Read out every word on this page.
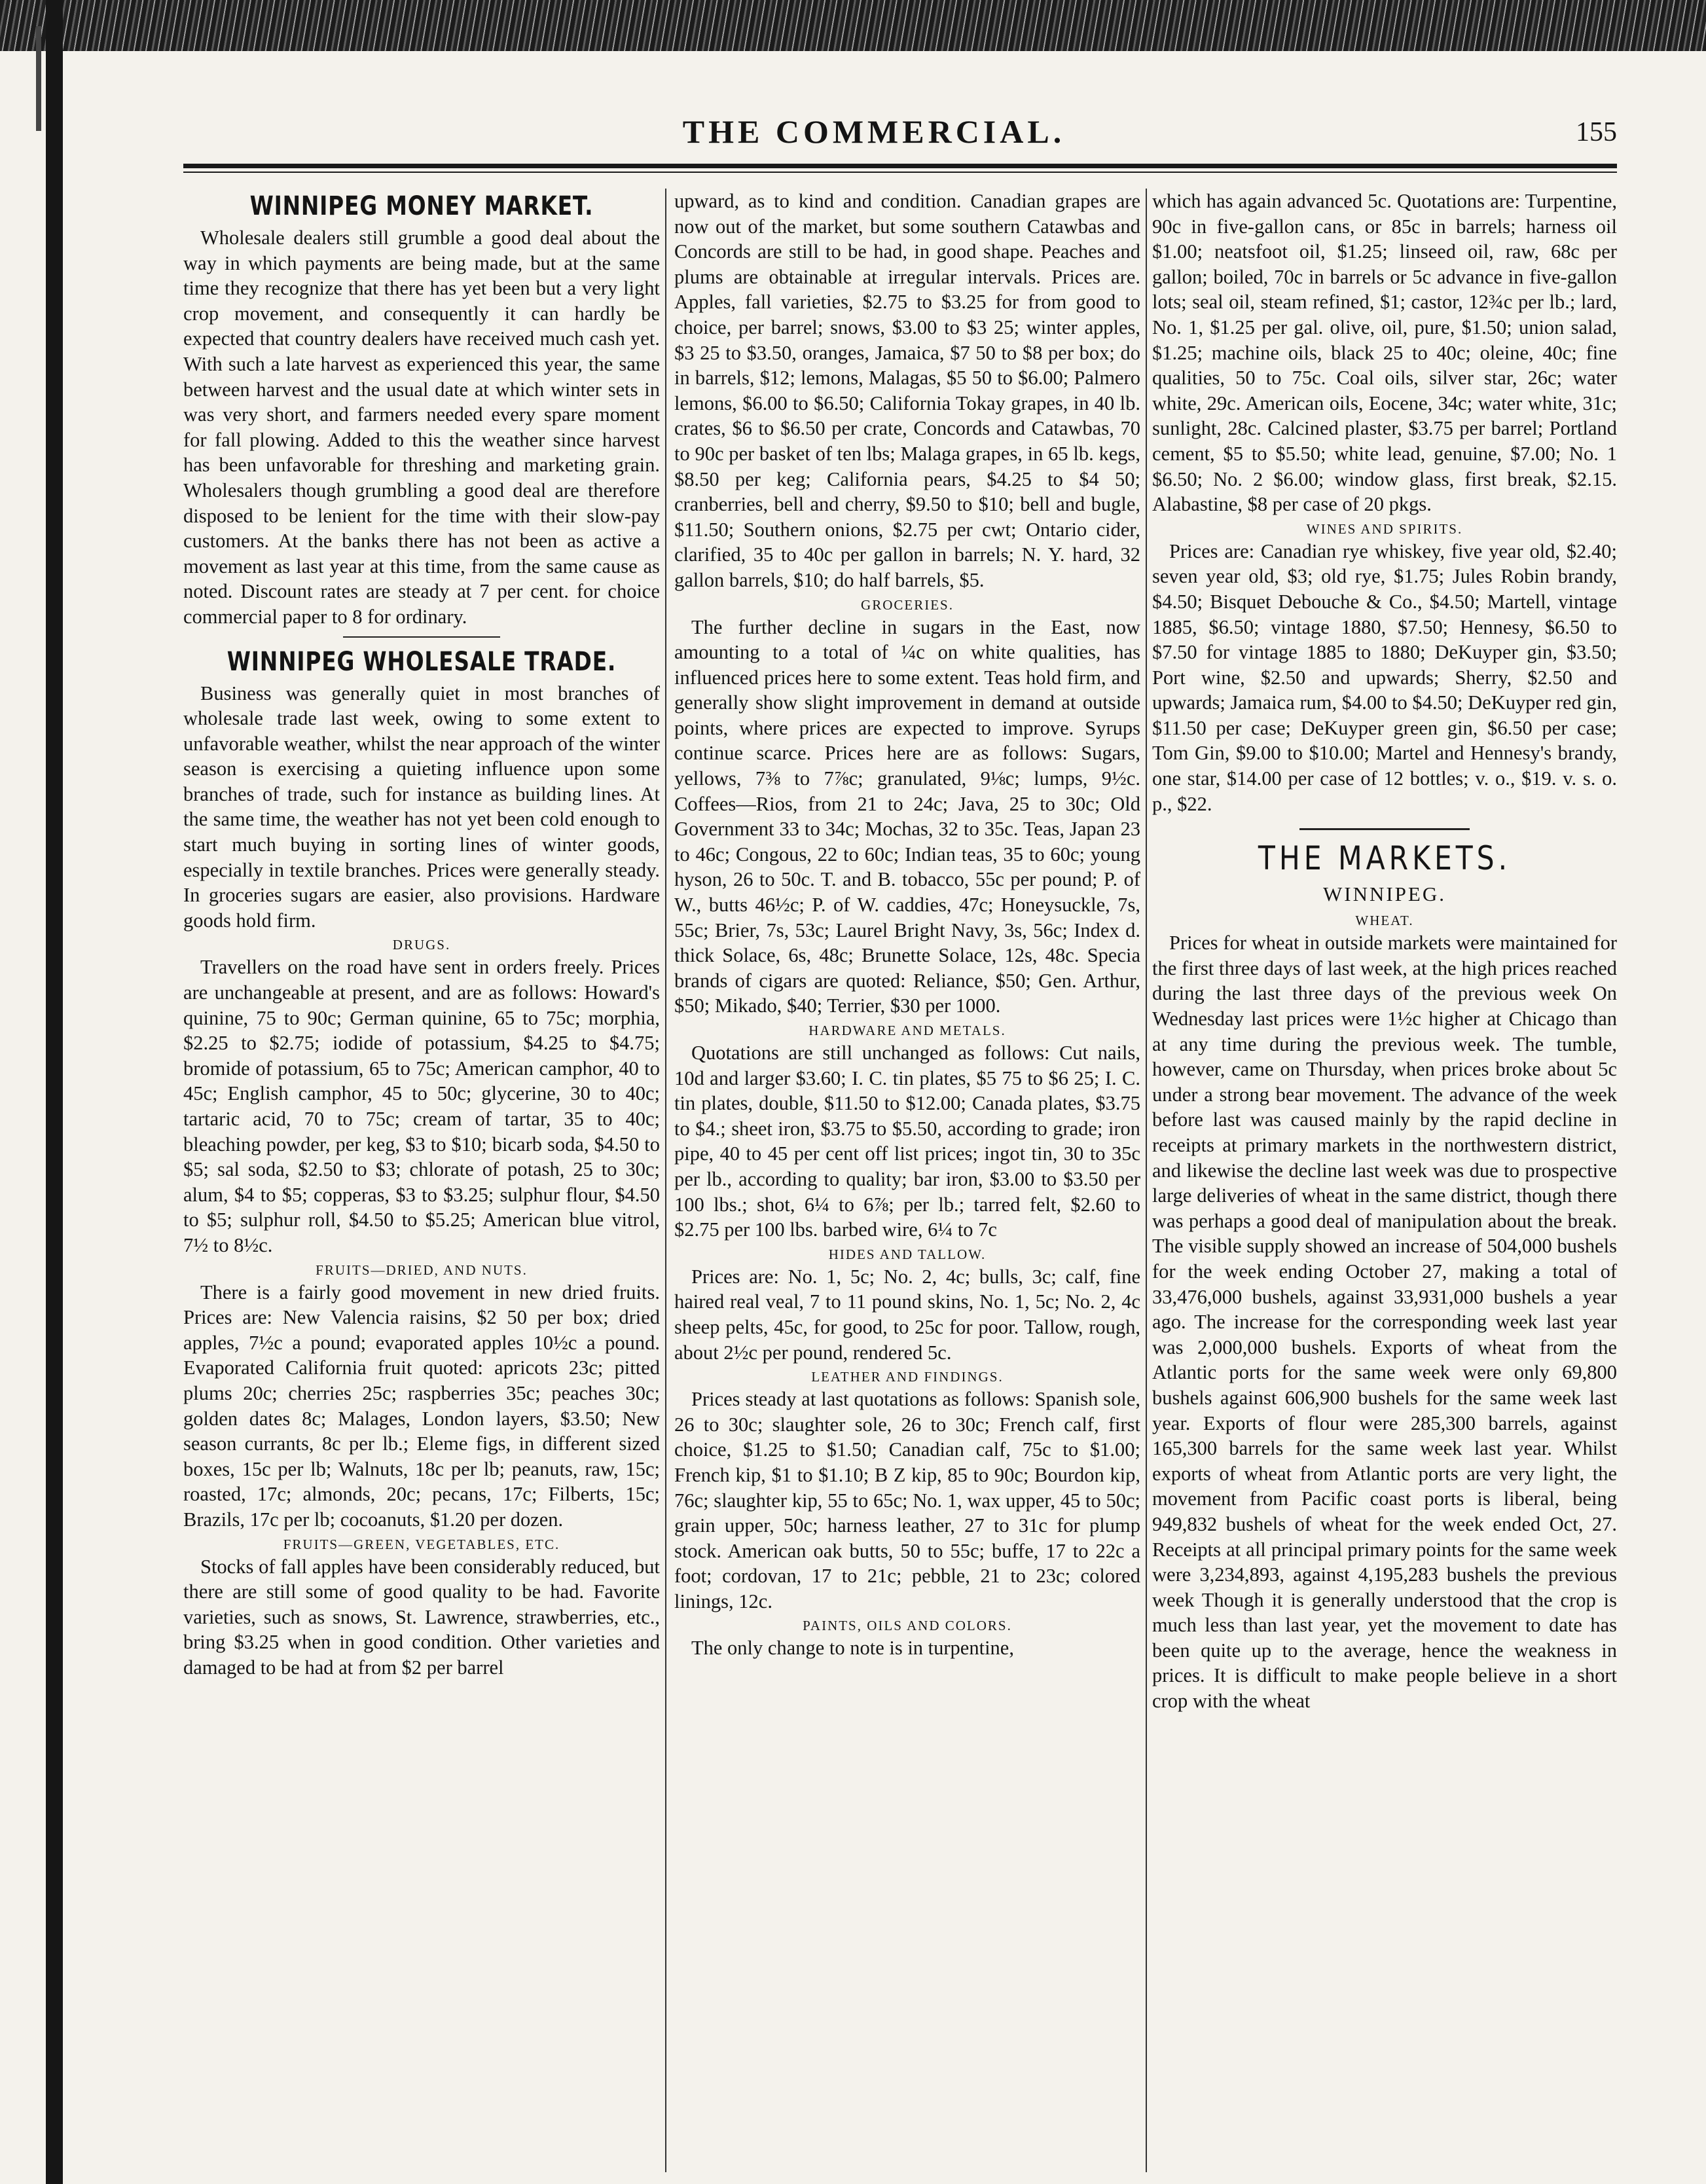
THE COMMERCIAL.	155
WINNIPEG MONEY MARKET.

Wholesale dealers still grumble a good deal about the way in which payments are being made, but at the same time they recognize that there has yet been but a very light crop movement, and consequently it can hardly be expected that country dealers have received much cash yet. With such a late harvest as experienced this year, the same between harvest and the usual date at which winter sets in was very short, and farmers needed every spare moment for fall plowing. Added to this the weather since harvest has been unfavorable for threshing and marketing grain. Wholesalers though grumbling a good deal are therefore disposed to be lenient for the time with their slow-pay customers. At the banks there has not been as active a movement as last year at this time, from the same cause as noted. Discount rates are steady at 7 per cent. for choice commercial paper to 8 for ordinary.

WINNIPEG WHOLESALE TRADE.

Business was generally quiet in most branches of wholesale trade last week, owing to some extent to unfavorable weather, whilst the near approach of the winter season is exercising a quieting influence upon some branches of trade, such for instance as building lines. At the same time, the weather has not yet been cold enough to start much buying in sorting lines of winter goods, especially in textile branches. Prices were generally steady. In groceries sugars are easier, also provisions. Hardware goods hold firm.

DRUGS.

Travellers on the road have sent in orders freely. Prices are unchangeable at present, and are as follows: Howard's quinine, 75 to 90c; German quinine, 65 to 75c; morphia, $2.25 to $2.75; iodide of potassium, $4.25 to $4.75; bromide of potassium, 65 to 75c; American camphor, 40 to 45c; English camphor, 45 to 50c; glycerine, 30 to 40c; tartaric acid, 70 to 75c; cream of tartar, 35 to 40c; bleaching powder, per keg, $3 to $10; bicarb soda, $4.50 to $5; sal soda, $2.50 to $3; chlorate of potash, 25 to 30c; alum, $4 to $5; copperas, $3 to $3.25; sulphur flour, $4.50 to $5; sulphur roll, $4.50 to $5.25; American blue vitrol, 7½ to 8½c.

FRUITS—DRIED, AND NUTS.

There is a fairly good movement in new dried fruits. Prices are: New Valencia raisins, $2 50 per box; dried apples, 7½c a pound; evaporated apples 10½c a pound. Evaporated California fruit quoted: apricots 23c; pitted plums 20c; cherries 25c; raspberries 35c; peaches 30c; golden dates 8c; Malages, London layers, $3.50; New season currants, 8c per lb.; Eleme figs, in different sized boxes, 15c per lb; Walnuts, 18c per lb; peanuts, raw, 15c; roasted, 17c; almonds, 20c; pecans, 17c; Filberts, 15c; Brazils, 17c per lb; cocoanuts, $1.20 per dozen.

FRUITS—GREEN, VEGETABLES, ETC.

Stocks of fall apples have been considerably reduced, but there are still some of good quality to be had. Favorite varieties, such as snows, St. Lawrence, strawberries, etc., bring $3.25 when in good condition. Other varieties and damaged to be had at from $2 per barrel

upward, as to kind and condition. Canadian grapes are now out of the market, but some southern Catawbas and Concords are still to be had, in good shape. Peaches and plums are obtainable at irregular intervals. Prices are. Apples, fall varieties, $2.75 to $3.25 for from good to choice, per barrel; snows, $3.00 to $3 25; winter apples, $3 25 to $3.50, oranges, Jamaica, $7 50 to $8 per box; do in barrels, $12; lemons, Malagas, $5 50 to $6.00; Palmero lemons, $6.00 to $6.50; California Tokay grapes, in 40 lb. crates, $6 to $6.50 per crate, Concords and Catawbas, 70 to 90c per basket of ten lbs; Malaga grapes, in 65 lb. kegs, $8.50 per keg; California pears, $4.25 to $4 50; cranberries, bell and cherry, $9.50 to $10; bell and bugle, $11.50; Southern onions, $2.75 per cwt; Ontario cider, clarified, 35 to 40c per gallon in barrels; N. Y. hard, 32 gallon barrels, $10; do half barrels, $5.

GROCERIES.

The further decline in sugars in the East, now amounting to a total of ¼c on white qualities, has influenced prices here to some extent. Teas hold firm, and generally show slight improvement in demand at outside points, where prices are expected to improve. Syrups continue scarce. Prices here are as follows: Sugars, yellows, 7⅜ to 7⅞c; granulated, 9⅛c; lumps, 9½c. Coffees—Rios, from 21 to 24c; Java, 25 to 30c; Old Government 33 to 34c; Mochas, 32 to 35c. Teas, Japan 23 to 46c; Congous, 22 to 60c; Indian teas, 35 to 60c; young hyson, 26 to 50c. T. and B. tobacco, 55c per pound; P. of W., butts 46½c; P. of W. caddies, 47c; Honeysuckle, 7s, 55c; Brier, 7s, 53c; Laurel Bright Navy, 3s, 56c; Index d. thick Solace, 6s, 48c; Brunette Solace, 12s, 48c. Specia brands of cigars are quoted: Reliance, $50; Gen. Arthur, $50; Mikado, $40; Terrier, $30 per 1000.

HARDWARE AND METALS.

Quotations are still unchanged as follows: Cut nails, 10d and larger $3.60; I. C. tin plates, $5 75 to $6 25; I. C. tin plates, double, $11.50 to $12.00; Canada plates, $3.75 to $4.; sheet iron, $3.75 to $5.50, according to grade; iron pipe, 40 to 45 per cent off list prices; ingot tin, 30 to 35c per lb., according to quality; bar iron, $3.00 to $3.50 per 100 lbs.; shot, 6¼ to 6⅞; per lb.; tarred felt, $2.60 to $2.75 per 100 lbs. barbed wire, 6¼ to 7c

HIDES AND TALLOW.

Prices are: No. 1, 5c; No. 2, 4c; bulls, 3c; calf, fine haired real veal, 7 to 11 pound skins, No. 1, 5c; No. 2, 4c sheep pelts, 45c, for good, to 25c for poor. Tallow, rough, about 2½c per pound, rendered 5c.

LEATHER AND FINDINGS.

Prices steady at last quotations as follows: Spanish sole, 26 to 30c; slaughter sole, 26 to 30c; French calf, first choice, $1.25 to $1.50; Canadian calf, 75c to $1.00; French kip, $1 to $1.10; B Z kip, 85 to 90c; Bourdon kip, 76c; slaughter kip, 55 to 65c; No. 1, wax upper, 45 to 50c; grain upper, 50c; harness leather, 27 to 31c for plump stock. American oak butts, 50 to 55c; buffe, 17 to 22c a foot; cordovan, 17 to 21c; pebble, 21 to 23c; colored linings, 12c.

PAINTS, OILS AND COLORS.

The only change to note is in turpentine,

which has again advanced 5c. Quotations are: Turpentine, 90c in five-gallon cans, or 85c in barrels; harness oil $1.00; neatsfoot oil, $1.25; linseed oil, raw, 68c per gallon; boiled, 70c in barrels or 5c advance in five-gallon lots; seal oil, steam refined, $1; castor, 12¾c per lb.; lard, No. 1, $1.25 per gal. olive, oil, pure, $1.50; union salad, $1.25; machine oils, black 25 to 40c; oleine, 40c; fine qualities, 50 to 75c. Coal oils, silver star, 26c; water white, 29c. American oils, Eocene, 34c; water white, 31c; sunlight, 28c. Calcined plaster, $3.75 per barrel; Portland cement, $5 to $5.50; white lead, genuine, $7.00; No. 1 $6.50; No. 2 $6.00; window glass, first break, $2.15. Alabastine, $8 per case of 20 pkgs.

WINES AND SPIRITS.

Prices are: Canadian rye whiskey, five year old, $2.40; seven year old, $3; old rye, $1.75; Jules Robin brandy, $4.50; Bisquet Debouche & Co., $4.50; Martell, vintage 1885, $6.50; vintage 1880, $7.50; Hennesy, $6.50 to $7.50 for vintage 1885 to 1880; DeKuyper gin, $3.50; Port wine, $2.50 and upwards; Sherry, $2.50 and upwards; Jamaica rum, $4.00 to $4.50; DeKuyper red gin, $11.50 per case; DeKuyper green gin, $6.50 per case; Tom Gin, $9.00 to $10.00; Martel and Hennesy's brandy, one star, $14.00 per case of 12 bottles; v. o., $19. v. s. o. p., $22.

THE MARKETS.
WINNIPEG.
WHEAT.

Prices for wheat in outside markets were maintained for the first three days of last week, at the high prices reached during the last three days of the previous week On Wednesday last prices were 1½c higher at Chicago than at any time during the previous week. The tumble, however, came on Thursday, when prices broke about 5c under a strong bear movement. The advance of the week before last was caused mainly by the rapid decline in receipts at primary markets in the northwestern district, and likewise the decline last week was due to prospective large deliveries of wheat in the same district, though there was perhaps a good deal of manipulation about the break. The visible supply showed an increase of 504,000 bushels for the week ending October 27, making a total of 33,476,000 bushels, against 33,931,000 bushels a year ago. The increase for the corresponding week last year was 2,000,000 bushels. Exports of wheat from the Atlantic ports for the same week were only 69,800 bushels against 606,900 bushels for the same week last year. Exports of flour were 285,300 barrels, against 165,300 barrels for the same week last year. Whilst exports of wheat from Atlantic ports are very light, the movement from Pacific coast ports is liberal, being 949,832 bushels of wheat for the week ended Oct, 27. Receipts at all principal primary points for the same week were 3,234,893, against 4,195,283 bushels the previous week Though it is generally understood that the crop is much less than last year, yet the movement to date has been quite up to the average, hence the weakness in prices. It is difficult to make people believe in a short crop with the wheat
